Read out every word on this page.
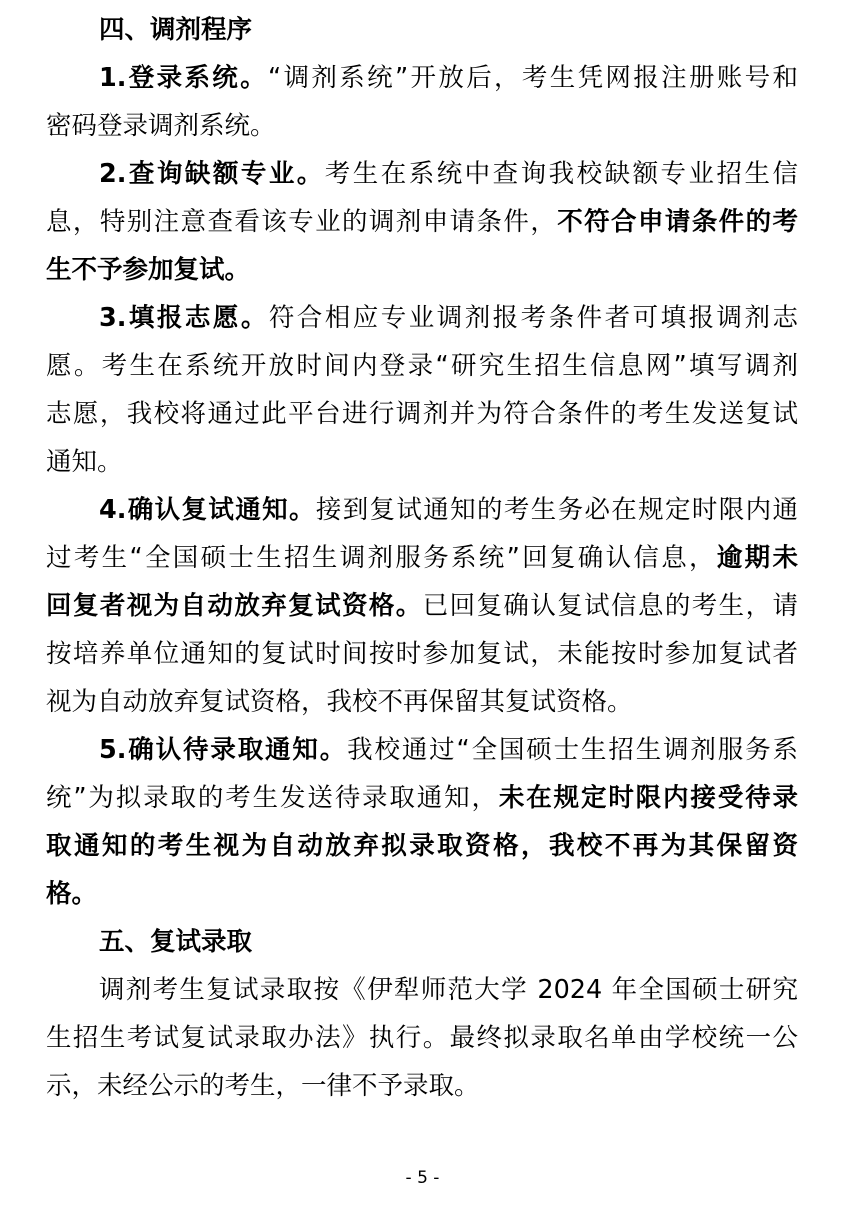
四、调剂程序
1.登录系统。“调剂系统”开放后，考生凭网报注册账号和
密码登录调剂系统。
2.查询缺额专业。考生在系统中查询我校缺额专业招生信
息，特别注意查看该专业的调剂申请条件，不符合申请条件的考
生不予参加复试。
3.填报志愿。符合相应专业调剂报考条件者可填报调剂志
愿。考生在系统开放时间内登录“研究生招生信息网”填写调剂
志愿，我校将通过此平台进行调剂并为符合条件的考生发送复试
通知。
4.确认复试通知。接到复试通知的考生务必在规定时限内通
过考生“全国硕士生招生调剂服务系统”回复确认信息，逾期未
回复者视为自动放弃复试资格。已回复确认复试信息的考生，请
按培养单位通知的复试时间按时参加复试，未能按时参加复试者
视为自动放弃复试资格，我校不再保留其复试资格。
5.确认待录取通知。我校通过“全国硕士生招生调剂服务系
统”为拟录取的考生发送待录取通知，未在规定时限内接受待录
取通知的考生视为自动放弃拟录取资格，我校不再为其保留资
格。
五、复试录取
调剂考生复试录取按《伊犁师范大学 2024 年全国硕士研究
生招生考试复试录取办法》执行。最终拟录取名单由学校统一公
示，未经公示的考生，一律不予录取。
- 5 -
